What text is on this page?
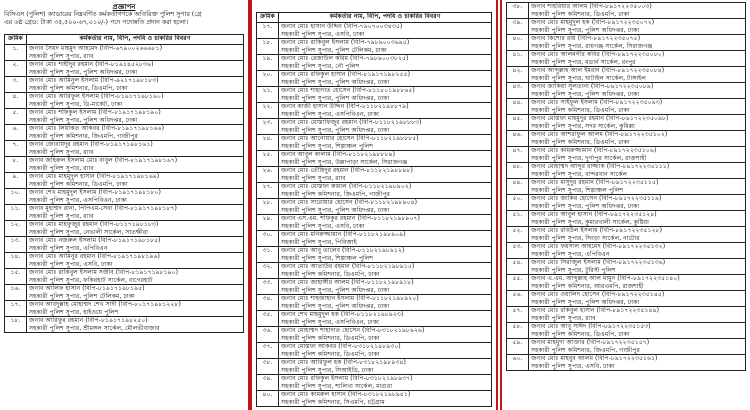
প্রজ্ঞাপন
বিসিএস (পুলিশ) ক্যাডারের নিম্নবর্ণিত কর্মকর্তাগণকে অতিরিক্ত পুলিশ সুপার (গ্রে
এর ৬ষ্ঠ গ্রেড: টাকা ৩৫,৫০০-৬৭,০১০/-) পদে পদোন্নতি প্রদান করা হলো।
ক্রমিক	কর্মকর্তার নাম, বিপি, পদবি ও চাকরির বিবরণ
১.	জনাব সৈয়দ মাহমুদ আহমেদ (বিপি-৬৭৯০০২৬৬৬৮১)
সহকারী পুলিশ সুপার, র‍্যাব

২.	জনাব মোঃ শাহীদুর রহমান (বিপি-৮১৯১৪৫২৮৩৬)
সহকারী পুলিশ সুপার, পুলিশ অধিদপ্তর, ঢাকা

৩.	জনাব মোঃ আমিনুল ইসলাম (বিপি-৯২১৭১৯৮১৮৩)
সহকারী পুলিশ কমিশনার, ডিএমপি, ঢাকা

৪.	জনাব মোঃ আরিফুল ইসলাম (বিপি-৮১৯১৭১৯৮১৬০)
সহকারী পুলিশ সুপার, ডি-মার্কেট, ঢাকা

৫.	জনাব মোঃ শফিকুল ইসলাম (বিপি-৮১৯১৭১৯৮১৯০)
সহকারী পুলিশ সুপার, পুলিশ অধিদপ্তর, ঢাকা

৬.	জনাব মোঃ লিয়াকত আকবর (বিপি-৮১৯১৭১৯৮১৬৬)
সহকারী পুলিশ কমিশনার, জিএমপি, গাজীপুর

৭.	জনাব জোবায়দুর রহমান (বিপি-৮১৯১৭১৯৮১৬১)
সহকারী পুলিশ সুপার, র‍্যাব

৮.	জনাব জহিরুল ইসলাম মোঃ বাবুল (বিপি-৮১৯১৭১৯৮১৬৭)
সহকারী পুলিশ সুপার, র‍্যাব

৯.	জনাব মোঃ মাহমুদুল হাসান (বিপি-৮১৯১৭১৯৮১৬৯)
সহকারী পুলিশ কমিশনার, ডিএমপি, ঢাকা

১০.	জনাব শেখ মাহমুদুল ইসলাম (বিপি-৮১৯১৭১৯৮১৮০)
সহকারী পুলিশ সুপার, এসপিবিএন, ঢাকা

১১.	জনাব মুহাম্মদ রানা, পিপিএম-সেবা (বিপি-৮১৯১৭১৯৮১৮৭)
সহকারী পুলিশ সুপার, র‍্যাব

১২.	জনাব মোঃ মাহফুজুর রহমান (বিপি-৮১১৭১৯৮১৮৩)
সহকারী পুলিশ সুপার, নেভালী সার্কেল, সাতক্ষীরা

১৩.	জনাব মোঃ নজরুল ইসলাম (বিপি-৮১৯১৭১৯৮১৮৫)
সহকারী পুলিশ সুপার, এপিবিএন

১৪.	জনাব মোঃ আমিনুর রহমান (বিপি-৮১৯১৭১৯৮১৯৬)
সহকারী পুলিশ সুপার, এসবি, ঢাকা

১৫.	জনাব মোঃ রাকিবুল ইসলাম সজীব (বিপি-৮১৯১৭১৯৮১৯০)
সহকারী পুলিশ সুপার, ফকিরহাট সার্কেল, বাগেরহাট

১৬.	জনাব আলিফ হাসান (বিপি-৮১৯১৭১৯৮১৯৫)
সহকারী পুলিশ সুপার, পুলিশ টেলিকম, ঢাকা

১৭.	জনাব আবদুল্লাহ মোহাম্মদ শেখ সাদী (বিপি-৮০১৭১৯৮১২২৮)
সহকারী পুলিশ সুপার, হাইওয়ে পুলিশ

১৮.	জনাব আরিফুর রহমান (বিপি-৮১৯১৭১৯৮২৫০)
সহকারী পুলিশ সুপার, শ্রীমঙ্গল সার্কেল, মৌলভীবাজার
ক্রমিক	কর্মকর্তার নাম, বিপি, পদবি ও চাকরির বিবরণ
১৭.	জনাব মোঃ হাসান উদ্দিন (বিপি-৭৯০৭০০৩৪৩৫)
সহকারী পুলিশ সুপার, এসবি, ঢাকা

১৮.	জনাব মোঃ রাকিবুল ইসলাম (বিপি-৭৯৮৯০০৩৬৯৫)
সহকারী পুলিশ সুপার, পুলিশ টেলিকম, ঢাকা

১৯.	জনাব মোঃ রেজাউল করিম (বিপি-৭৯৮৯০০৩৮২৫)
সহকারী পুলিশ সুপার, নৌ পুলিশ

২০.	জনাব মোঃ রফিকুল হাসান (বিপি-৮১৯১৭১৯৮২৫৫)
সহকারী পুলিশ সুপার, পুলিশ অধিদপ্তর, ঢাকা

২১.	জনাব মোঃ শাহাদাত হোসেন (বিপি-৮১১৮০১৯৮৮৬৫)
সহকারী পুলিশ সুপার, পুলিশ অধিদপ্তর, ঢাকা

২২.	জনাব কাজী হাসান উদ্দিন (বিপি-৮১১৮২১৯৮৮৭৯)
সহকারী পুলিশ সুপার, এসপিবিএন, ঢাকা

২৩.	জনাব মোঃ মোস্তাফিজুর রহমান (বিপি-৮১১৮২১৯৮৮৮৩)
সহকারী পুলিশ সুপার, পুলিশ অধিদপ্তর, ঢাকা

২৪.	জনাব মোঃ আনোয়ার হোসেন (বিপি-৮১১৮২১৯৮৮৮৫)
সহকারী পুলিশ সুপার, শিল্পাঞ্চল পুলিশ

২৫.	জনাব আবুল কালাম (বিপি-৮১১৮২১৯৮৮৮৯)
সহকারী পুলিশ সুপার, উল্লাপাড়া সার্কেল, সিরাজগঞ্জ

২৬.	জনাব মোঃ তৌহিদুর রহমান (বিপি-৮১১৮২১৯৮৮৯৮)
সহকারী পুলিশ সুপার, র‍্যাব

২৭.	জনাব মোঃ মোস্তফা কামাল (বিপি-৮১১৮২১৯৮৯০২)
সহকারী পুলিশ কমিশনার, জিএমপি, গাজীপুর

২৮.	জনাব মোঃ সারোয়ার হোসেন (বিপি-৮১১৮২১৯৮৯০৪)
সহকারী পুলিশ সুপার, পুলিশ অধিদপ্তর, ঢাকা

২৯.	জনাব এস.এম. শফিকুর রহমান (বিপি-৮১১৮২১৯৮৯০৭)
সহকারী পুলিশ সুপার, এসবি, ঢাকা

৩০.	জনাব মোঃ মনিরুজ্জামান (বিপি-৮১১৮২১৯৮৯০৯)
সহকারী পুলিশ সুপার, পিবিআই

৩১.	জনাব মোঃ আবু তালেব (বিপি-৮১১৮২১৯৮৯১২)
সহকারী পুলিশ সুপার, শিল্পাঞ্চল পুলিশ

৩২.	জনাব মোঃ আতাউর রহমান (বিপি-৮১১৮২১৯৮৯১৫)
সহকারী পুলিশ কমিশনার, ডিএমপি, ঢাকা

৩৩.	জনাব মোঃ জাহাঙ্গীর আলম (বিপি-৮১১৮২১৯৮৯১৮)
সহকারী পুলিশ সুপার, পুলিশ অধিদপ্তর, ঢাকা

৩৪.	জনাব মোঃ শাহজাহান ইসলাম (বিপি-৮১১৮২১৯৮৯২০)
সহকারী পুলিশ সুপার, পুলিশ অধিদপ্তর, ঢাকা

৩৫.	জনাব শেখ মাহমুদুল হক (বিপি-৮১১৮২১৯৮৯২৩)
সহকারী পুলিশ সুপার, এসপিবিএন, ঢাকা

৩৬.	জনাব মোহাম্মদ শাহাদাত হোসেন (বিপি-৮৩১৮২১৯৮৯২৬)
সহকারী পুলিশ কমিশনার, ডিএমপি, ঢাকা

৩৭.	জনাব মোস্তফা আকবর (বিপি-৮৩১৮২১৯৮৯৩০)
সহকারী পুলিশ কমিশনার, ডিএমপি, ঢাকা

৩৮.	জনাব মোঃ আরিফুল হক (বিপি-৮৩১৮২১৯৮৯৩৪)
সহকারী পুলিশ সুপার, সিআইডি, ঢাকা

৩৯.	জনাব মোঃ রফিকুল ইসলাম (বিপি-৮৩১৮২১৯৮৯৩৭)
সহকারী পুলিশ সুপার, শালিখা সার্কেল, মাগুরা

৪০.	জনাব মোঃ কামরুল হাসান (বিপি-৮৩১৮২১৯৮৯৪১)
সহকারী পুলিশ কমিশনার, সিএমপি, চট্টগ্রাম
৩৮.	জনাব শাহরিয়ার আলম (বিপি-৮৯১৭২২৩৫০০৩)
সহকারী পুলিশ কমিশনার, ডিএমপি, ঢাকা

৩৯.	জনাব মোঃ মাহমুদুল হক (বিপি-৮৯১৭২২৩৫০৭২)
সহকারী পুলিশ সুপার, পুলিশ অধিদপ্তর, ঢাকা

৪০.	জনাব কিশোর রায় (বিপি-৮৯১৭২২৩৫০৭৫)
সহকারী পুলিশ সুপার, রায়গঞ্জ সার্কেল, সিরাজগঞ্জ

৪১.	জনাব মোঃ আলমগীর কবির (বিপি-৮৯১৭২২৩৫০৮০)
সহকারী পুলিশ সুপার, মডার্ন সার্কেল, রংপুর

৪২.	জনাব আব্দুল্লাহ আল ইমরান (বিপি-৮৯১৭২২৩৫০৮৪)
সহকারী পুলিশ সুপার, ঘাটাইল সার্কেল, টাঙ্গাইল

৪৩.	জনাব জাকিয়া সুলতানা (বিপি-৮৯১৭২২৩৫০৮৯)
সহকারী পুলিশ সুপার, পুলিশ অধিদপ্তর, ঢাকা

৪৪.	জনাব মোঃ সাইফুল ইসলাম (বিপি-৮৯১৭২২৩৫০৯৩)
সহকারী পুলিশ কমিশনার, ডিএমপি, ঢাকা

৪৫.	জনাব মোস্তফা মাহমুদুর রহমান (বিপি-৮৯১৭২২৩৫০৯৮)
সহকারী পুলিশ সুপার, সদর সার্কেল, কুমিল্লা

৪৬.	জনাব মোঃ আশরাফুল আলম (বিপি-৮৯১৭২২৩৫১০২)
সহকারী পুলিশ কমিশনার, ডিএমপি, ঢাকা

৪৭.	জনাব মোঃ কামরুজ্জামান (বিপি-৮৯১৭২২৩৫১০৬)
সহকারী পুলিশ সুপার, দুর্গাপুর সার্কেল, রাজশাহী

৪৮.	জনাব মোহাম্মদ আব্দুর রাজ্জাক (বিপি-৮৯১৭২২৩৫১১১)
সহকারী পুলিশ সুপার, বান্দরবান সার্কেল

৪৯.	জনাব মোঃ মাসুদুর রহমান (বিপি-৮৯১৭২২৩৫১১৫)
সহকারী পুলিশ সুপার, শিল্পাঞ্চল পুলিশ

৫০.	জনাব মোঃ জাকির হোসেন (বিপি-৮৯১৭২২৩৫১১৯)
সহকারী পুলিশ সুপার, পুলিশ অধিদপ্তর, ঢাকা

৫১.	জনাব মোঃ আবুল হাসান (বিপি-৮৯১৭২২৩৫১২৪)
সহকারী পুলিশ সুপার, কুমারখালী সার্কেল, কুষ্টিয়া

৫২.	জনাব মোঃ রবিউল ইসলাম (বিপি-৮৯১৭২২৩৫১২৮)
সহকারী পুলিশ সুপার, সিংড়া সার্কেল, নাটোর

৫৩.	জনাব মোঃ ফয়সাল আহমেদ (বিপি-৮৯১৭২২৩৫১৩২)
সহকারী পুলিশ সুপার, এপিবিএন

৫৪.	জনাব মোঃ সিরাজুল ইসলাম (বিপি-৮৯১৭২২৩৫১৩৬)
সহকারী পুলিশ সুপার, টুরিস্ট পুলিশ

৫৫.	জনাব এ.এম. আব্দুল্লাহ আল মামুন (বিপি-৮৯১৭২২৩৫১৪০)
সহকারী পুলিশ কমিশনার, আরএমপি, রাজশাহী

৫৬.	জনাব মোঃ ওয়ালিদ হোসেন (বিপি-৮৯১৭২২৩৫১৪৫)
সহকারী পুলিশ সুপার, পুলিশ অধিদপ্তর, ঢাকা

৫৭.	জনাব মোঃ রকিবুল হাসান (বিপি-৮৯১৭২২৩৫১৪৯)
সহকারী পুলিশ সুপার, র‍্যাব

৫৮.	জনাব মোঃ আবু সাঈদ (বিপি-৮৯১৭২২৩৫১৫৩)
সহকারী পুলিশ কমিশনার, ডিএমপি, ঢাকা

৫৯.	জনাব মাহমুদা আক্তার (বিপি-৮৯১৭২২৩৫১৫৭)
সহকারী পুলিশ কমিশনার, জিএমপি, গাজীপুর

৬০.	জনাব মোঃ মাহবুব আলম (বিপি-৮৯১৭২২৩৫১৬১)
সহকারী পুলিশ সুপার, এসবি, ঢাকা
